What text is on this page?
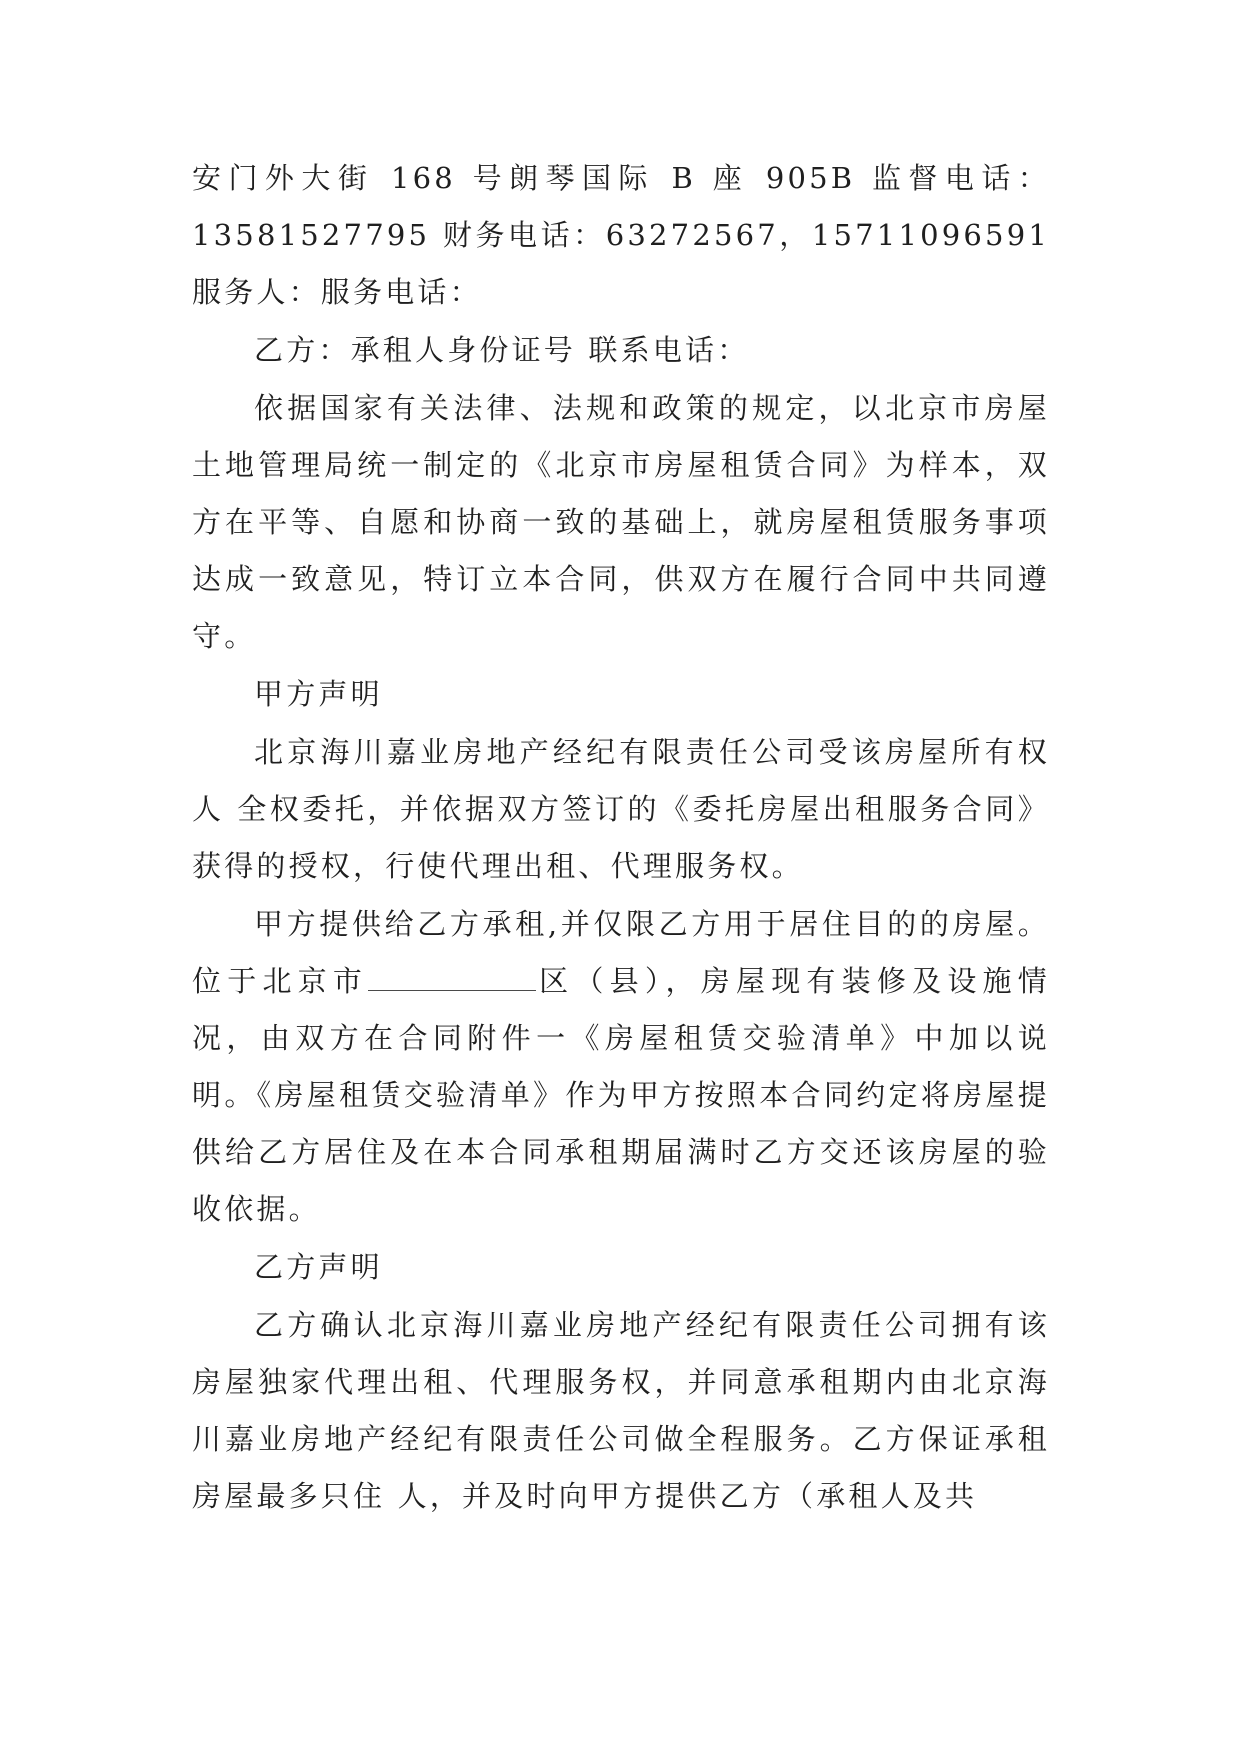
安门外大街 168 号朗琴国际 B 座 905B 监督电话：13581527795 财务电话：63272567，15711096591 服务人：服务电话：

乙方：承租人身份证号 联系电话：

依据国家有关法律、法规和政策的规定，以北京市房屋土地管理局统一制定的《北京市房屋租赁合同》为样本，双方在平等、自愿和协商一致的基础上，就房屋租赁服务事项达成一致意见，特订立本合同，供双方在履行合同中共同遵守。

甲方声明

北京海川嘉业房地产经纪有限责任公司受该房屋所有权人 全权委托，并依据双方签订的《委托房屋出租服务合同》获得的授权，行使代理出租、代理服务权。

甲方提供给乙方承租,并仅限乙方用于居住目的的房屋。位于北京市	区（县），房屋现有装修及设施情况，由双方在合同附件一《房屋租赁交验清单》中加以说明。《房屋租赁交验清单》作为甲方按照本合同约定将房屋提供给乙方居住及在本合同承租期届满时乙方交还该房屋的验收依据。

乙方声明

乙方确认北京海川嘉业房地产经纪有限责任公司拥有该房屋独家代理出租、代理服务权，并同意承租期内由北京海川嘉业房地产经纪有限责任公司做全程服务。乙方保证承租房屋最多只住 人，并及时向甲方提供乙方（承租人及共
